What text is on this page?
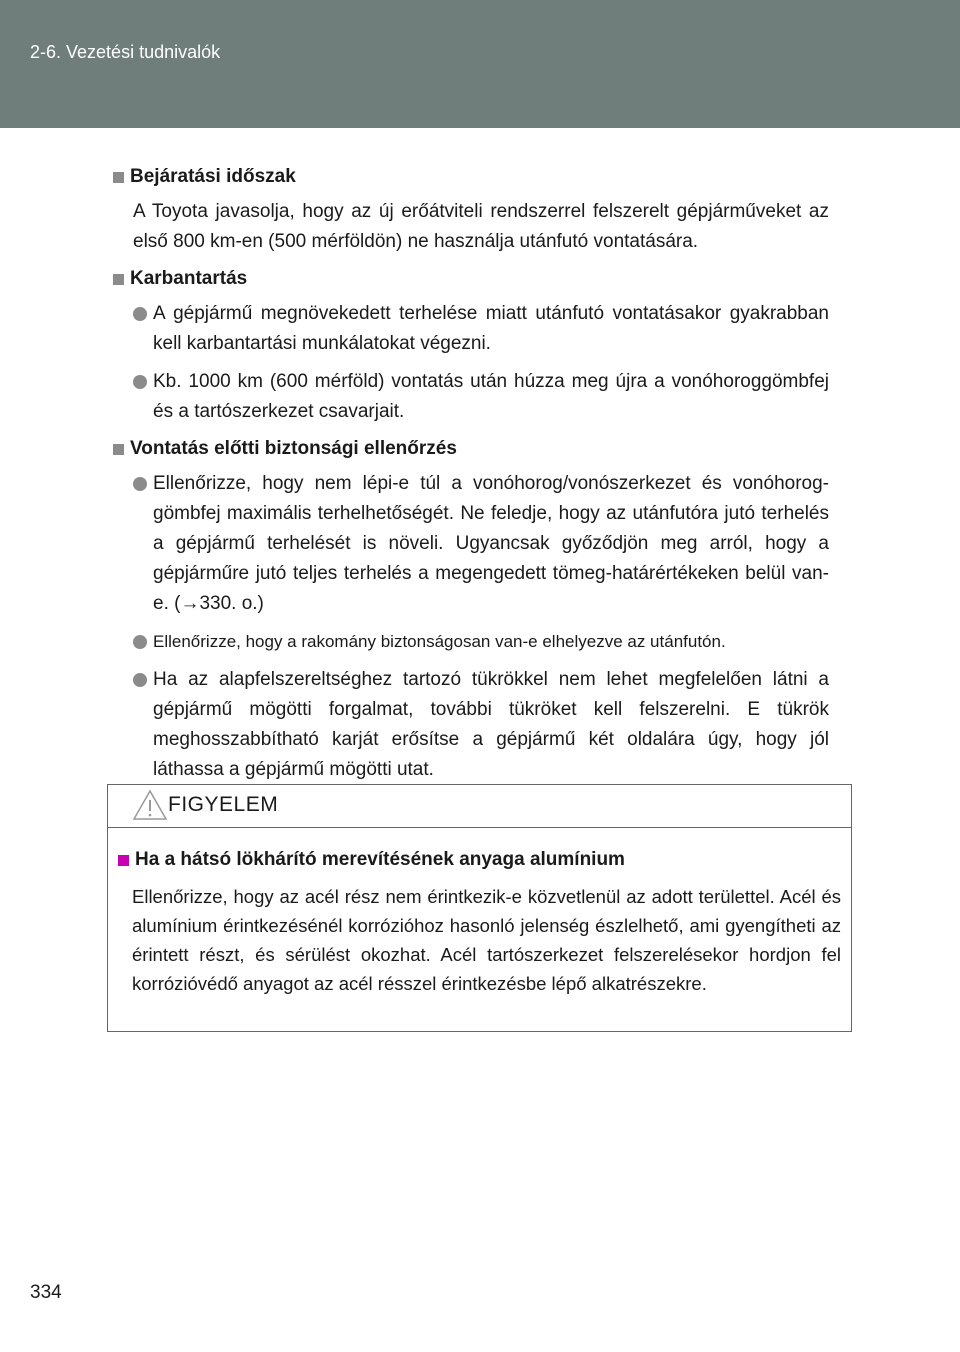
2-6. Vezetési tudnivalók
Bejáratási időszak

A Toyota javasolja, hogy az új erőátviteli rendszerrel felszerelt gépjárműveket az első 800 km-en (500 mérföldön) ne használja utánfutó vontatására.

Karbantartás
A gépjármű megnövekedett terhelése miatt utánfutó vontatásakor gyakrabban kell karbantartási munkálatokat végezni.
Kb. 1000 km (600 mérföld) vontatás után húzza meg újra a vonóhoroggömbfej és a tartószerkezet csavarjait.
Vontatás előtti biztonsági ellenőrzés
Ellenőrizze, hogy nem lépi-e túl a vonóhorog/vonószerkezet és vonóhorog-gömbfej maximális terhelhetőségét. Ne feledje, hogy az utánfutóra jutó terhelés a gépjármű terhelését is növeli. Ugyancsak győződjön meg arról, hogy a gépjárműre jutó teljes terhelés a megengedett tömeg-határértékeken belül van-e. (→330. o.)
Ellenőrizze, hogy a rakomány biztonságosan van-e elhelyezve az utánfutón.
Ha az alapfelszereltséghez tartozó tükrökkel nem lehet megfelelően látni a gépjármű mögötti forgalmat, további tükröket kell felszerelni. E tükrök meghosszabbítható karját erősítse a gépjármű két oldalára úgy, hogy jól láthassa a gépjármű mögötti utat.
FIGYELEM
Ha a hátsó lökhárító merevítésének anyaga alumínium

Ellenőrizze, hogy az acél rész nem érintkezik-e közvetlenül az adott területtel. Acél és alumínium érintkezésénél korrózióhoz hasonló jelenség észlelhető, ami gyengítheti az érintett részt, és sérülést okozhat. Acél tartószerkezet felszerelésekor hordjon fel korrózióvédő anyagot az acél résszel érintkezésbe lépő alkatrészekre.

334
